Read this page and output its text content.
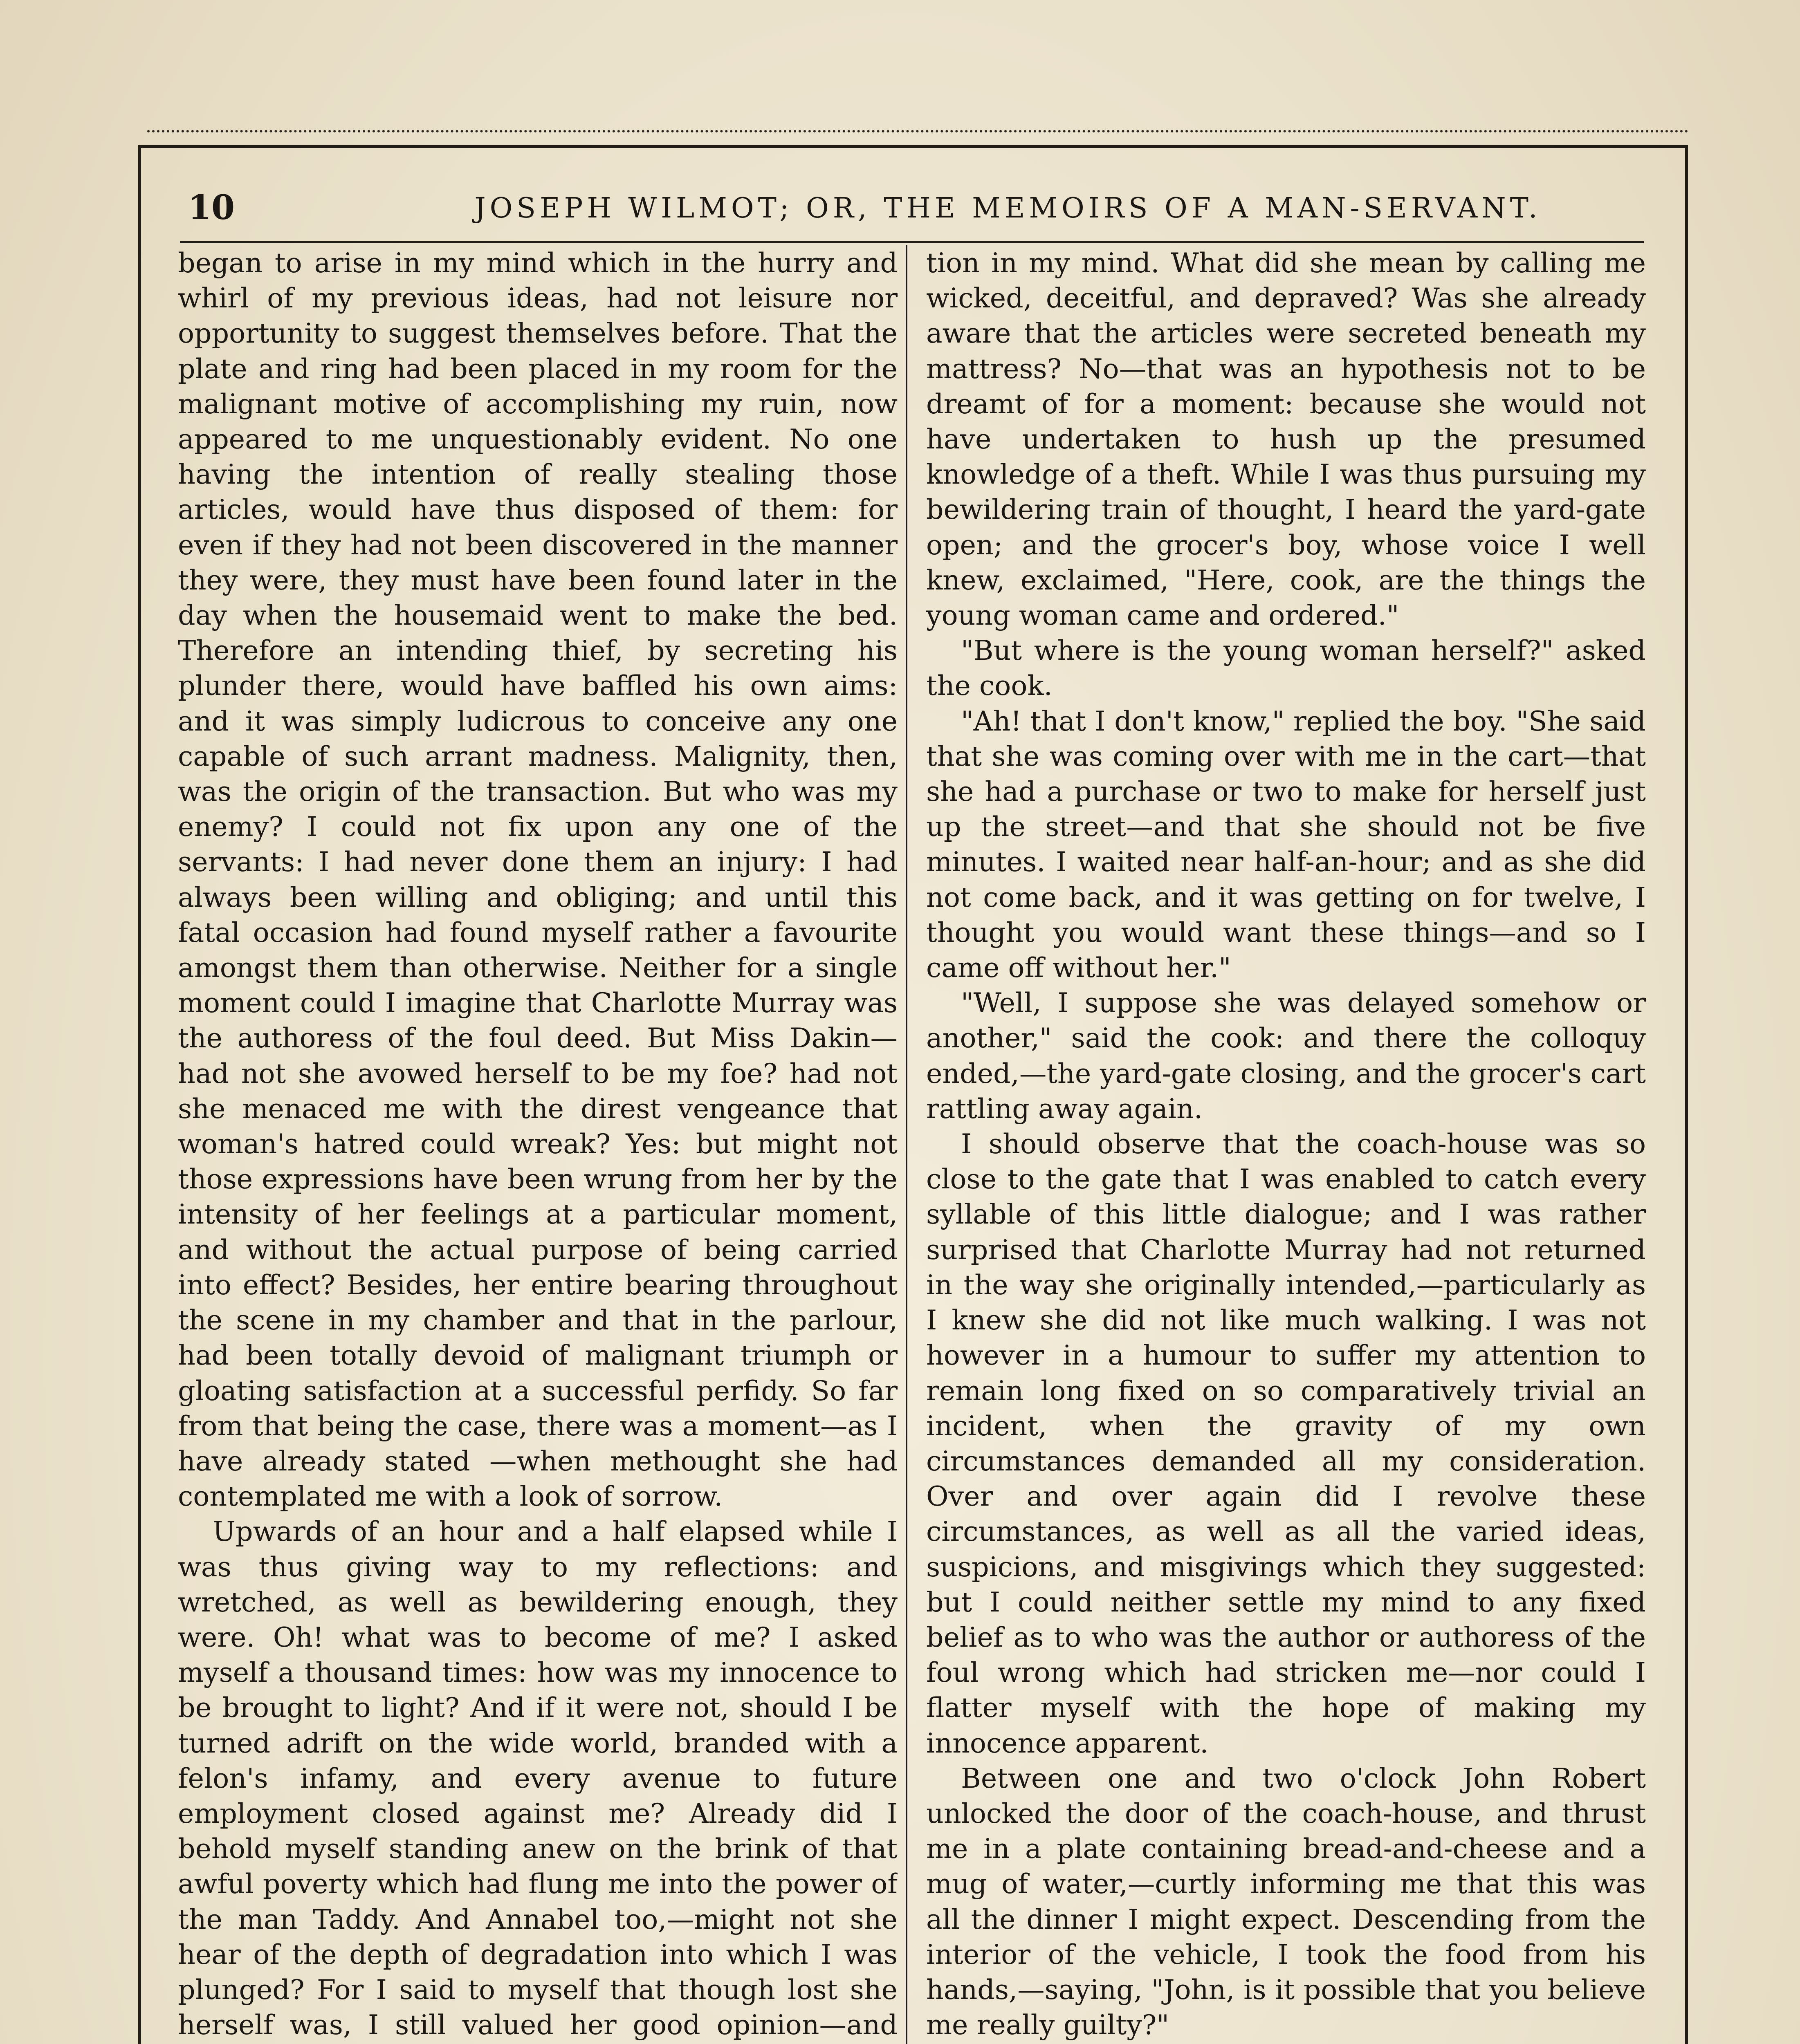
10	JOSEPH WILMOT; OR, THE MEMOIRS OF A MAN-SERVANT.

began to arise in my mind which in the hurry and whirl of my previous ideas, had not leisure nor opportunity to suggest themselves before. That the plate and ring had been placed in my room for the malignant motive of accomplishing my ruin, now appeared to me unquestionably evident. No one having the intention of really stealing those articles, would have thus disposed of them: for even if they had not been discovered in the manner they were, they must have been found later in the day when the housemaid went to make the bed. Therefore an intending thief, by secreting his plunder there, would have baffled his own aims: and it was simply ludicrous to conceive any one capable of such arrant madness. Malignity, then, was the origin of the transaction. But who was my enemy? I could not fix upon any one of the servants: I had never done them an injury: I had always been willing and obliging; and until this fatal occasion had found myself rather a favourite amongst them than otherwise. Neither for a single moment could I imagine that Charlotte Murray was the authoress of the foul deed. But Miss Dakin—had not she avowed herself to be my foe? had not she menaced me with the direst vengeance that woman's hatred could wreak? Yes: but might not those expressions have been wrung from her by the intensity of her feelings at a particular moment, and without the actual purpose of being carried into effect? Besides, her entire bearing throughout the scene in my chamber and that in the parlour, had been totally devoid of malignant triumph or gloating satisfaction at a successful perfidy. So far from that being the case, there was a moment—as I have already stated —when methought she had contemplated me with a look of sorrow.

Upwards of an hour and a half elapsed while I was thus giving way to my reflections: and wretched, as well as bewildering enough, they were. Oh! what was to become of me? I asked myself a thousand times: how was my innocence to be brought to light? And if it were not, should I be turned adrift on the wide world, branded with a felon's infamy, and every avenue to future employment closed against me? Already did I behold myself standing anew on the brink of that awful poverty which had flung me into the power of the man Taddy. And Annabel too,—might not she hear of the depth of degradation into which I was plunged? For I said to myself that though lost she herself was, I still valued her good opinion—and

tion in my mind. What did she mean by calling me wicked, deceitful, and depraved? Was she already aware that the articles were secreted beneath my mattress? No—that was an hypothesis not to be dreamt of for a moment: because she would not have undertaken to hush up the presumed knowledge of a theft. While I was thus pursuing my bewildering train of thought, I heard the yard-gate open; and the grocer's boy, whose voice I well knew, exclaimed, "Here, cook, are the things the young woman came and ordered."

"But where is the young woman herself?" asked the cook.

"Ah! that I don't know," replied the boy. "She said that she was coming over with me in the cart—that she had a purchase or two to make for herself just up the street—and that she should not be five minutes. I waited near half-an-hour; and as she did not come back, and it was getting on for twelve, I thought you would want these things—and so I came off without her."

"Well, I suppose she was delayed somehow or another," said the cook: and there the colloquy ended,—the yard-gate closing, and the grocer's cart rattling away again.

I should observe that the coach-house was so close to the gate that I was enabled to catch every syllable of this little dialogue; and I was rather surprised that Charlotte Murray had not returned in the way she originally intended,—particularly as I knew she did not like much walking. I was not however in a humour to suffer my attention to remain long fixed on so comparatively trivial an incident, when the gravity of my own circumstances demanded all my consideration. Over and over again did I revolve these circumstances, as well as all the varied ideas, suspicions, and misgivings which they suggested: but I could neither settle my mind to any fixed belief as to who was the author or authoress of the foul wrong which had stricken me—nor could I flatter myself with the hope of making my innocence apparent.

Between one and two o'clock John Robert unlocked the door of the coach-house, and thrust me in a plate containing bread-and-cheese and a mug of water,—curtly informing me that this was all the dinner I might expect. Descending from the interior of the vehicle, I took the food from his hands,—saying, "John, is it possible that you believe me really guilty?"
